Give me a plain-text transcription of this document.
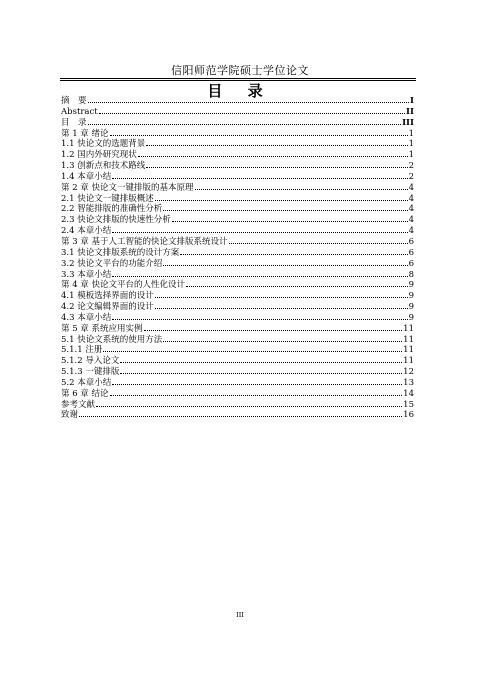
信阳师范学院硕士学位论文
目 录
摘　要	I
Abstract	II
目　录	III
第 1 章 绪论	1
1.1 快论文的选题背景	1
1.2 国内外研究现状	1
1.3 创新点和技术路线	2
1.4 本章小结	2
第 2 章 快论文一键排版的基本原理	4
2.1 快论文一键排版概述	4
2.2 智能排版的准确性分析	4
2.3 快论文排版的快速性分析	4
2.4 本章小结	4
第 3 章 基于人工智能的快论文排版系统设计	6
3.1 快论文排版系统的设计方案	6
3.2 快论文平台的功能介绍	6
3.3 本章小结	8
第 4 章 快论文平台的人性化设计	9
4.1 模板选择界面的设计	9
4.2 论文编辑界面的设计	9
4.3 本章小结	9
第 5 章 系统应用实例	11
5.1 快论文系统的使用方法	11
5.1.1 注册	11
5.1.2 导入论文	11
5.1.3 一键排版	12
5.2 本章小结	13
第 6 章 结论	14
参考文献	15
致谢	16
III
